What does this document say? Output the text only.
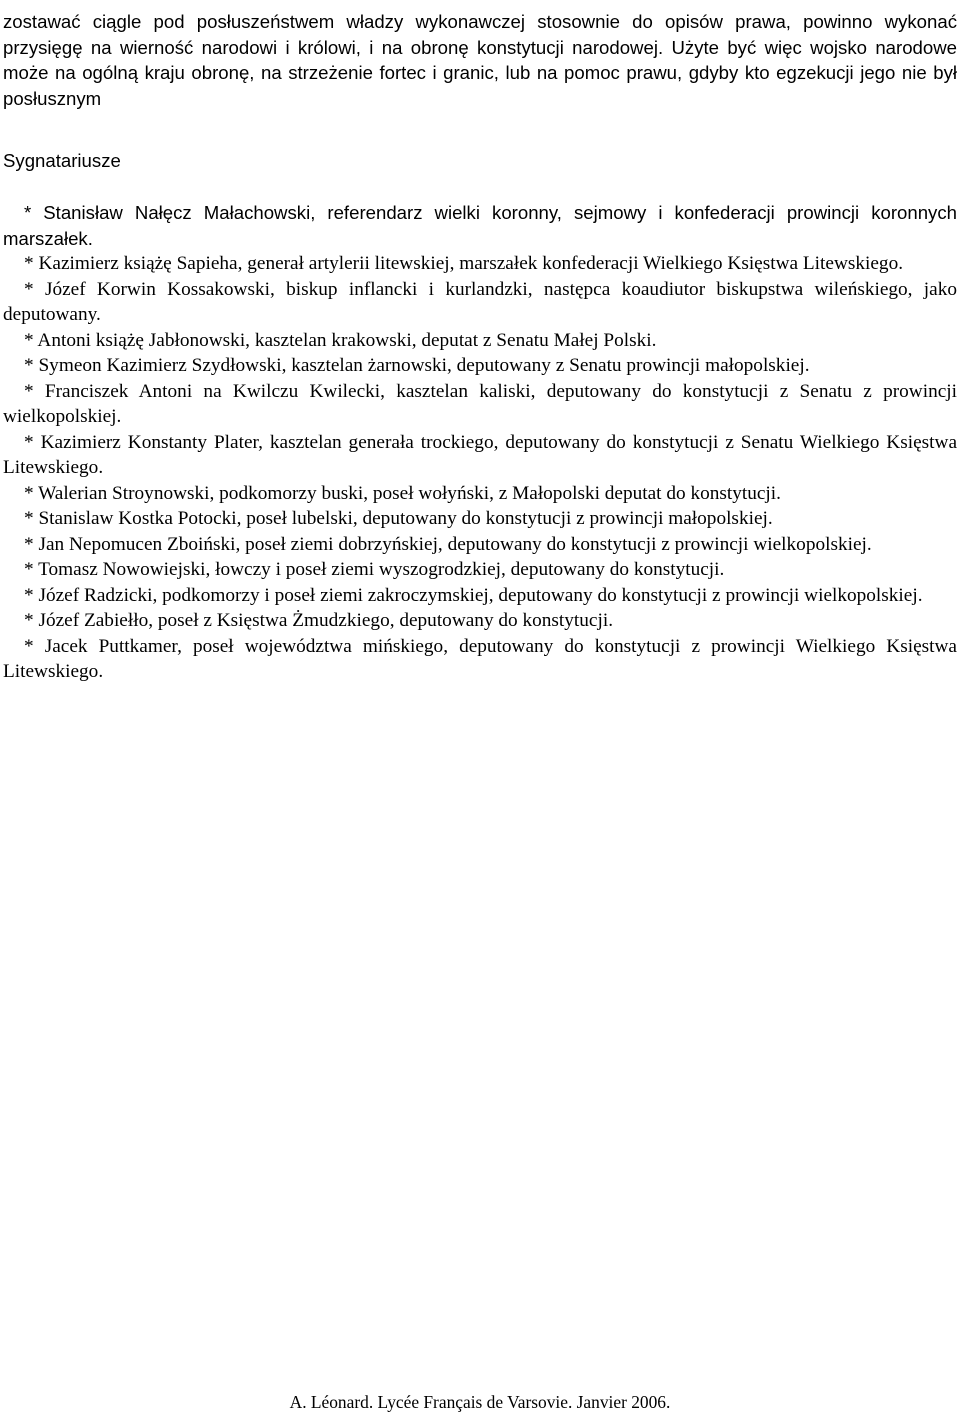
zostawać ciągle pod posłuszeństwem władzy wykonawczej stosownie do opisów prawa, powinno wykonać przysięgę na wierność narodowi i królowi, i na obronę konstytucji narodowej. Użyte być więc wojsko narodowe może na ogólną kraju obronę, na strzeżenie fortec i granic, lub na pomoc prawu, gdyby kto egzekucji jego nie był posłusznym

Sygnatariusze

* Stanisław Nałęcz Małachowski, referendarz wielki koronny, sejmowy i konfederacji prowincji koronnych marszałek.

* Kazimierz książę Sapieha, generał artylerii litewskiej, marszałek konfederacji Wielkiego Księstwa Litewskiego.

* Józef Korwin Kossakowski, biskup inflancki i kurlandzki, następca koaudiutor biskupstwa wileńskiego, jako deputowany.

* Antoni książę Jabłonowski, kasztelan krakowski, deputat z Senatu Małej Polski.

* Symeon Kazimierz Szydłowski, kasztelan żarnowski, deputowany z Senatu prowincji małopolskiej.

* Franciszek Antoni na Kwilczu Kwilecki, kasztelan kaliski, deputowany do konstytucji z Senatu z prowincji wielkopolskiej.

* Kazimierz Konstanty Plater, kasztelan generała trockiego, deputowany do konstytucji z Senatu Wielkiego Księstwa Litewskiego.

* Walerian Stroynowski, podkomorzy buski, poseł wołyński, z Małopolski deputat do konstytucji.

* Stanislaw Kostka Potocki, poseł lubelski, deputowany do konstytucji z prowincji małopolskiej.

* Jan Nepomucen Zboiński, poseł ziemi dobrzyńskiej, deputowany do konstytucji z prowincji wielkopolskiej.

* Tomasz Nowowiejski, łowczy i poseł ziemi wyszogrodzkiej, deputowany do konstytucji.

* Józef Radzicki, podkomorzy i poseł ziemi zakroczymskiej, deputowany do konstytucji z prowincji wielkopolskiej.

* Józef Zabiełło, poseł z Księstwa Żmudzkiego, deputowany do konstytucji.

* Jacek Puttkamer, poseł województwa mińskiego, deputowany do konstytucji z prowincji Wielkiego Księstwa Litewskiego.

A. Léonard. Lycée Français de Varsovie. Janvier 2006.
